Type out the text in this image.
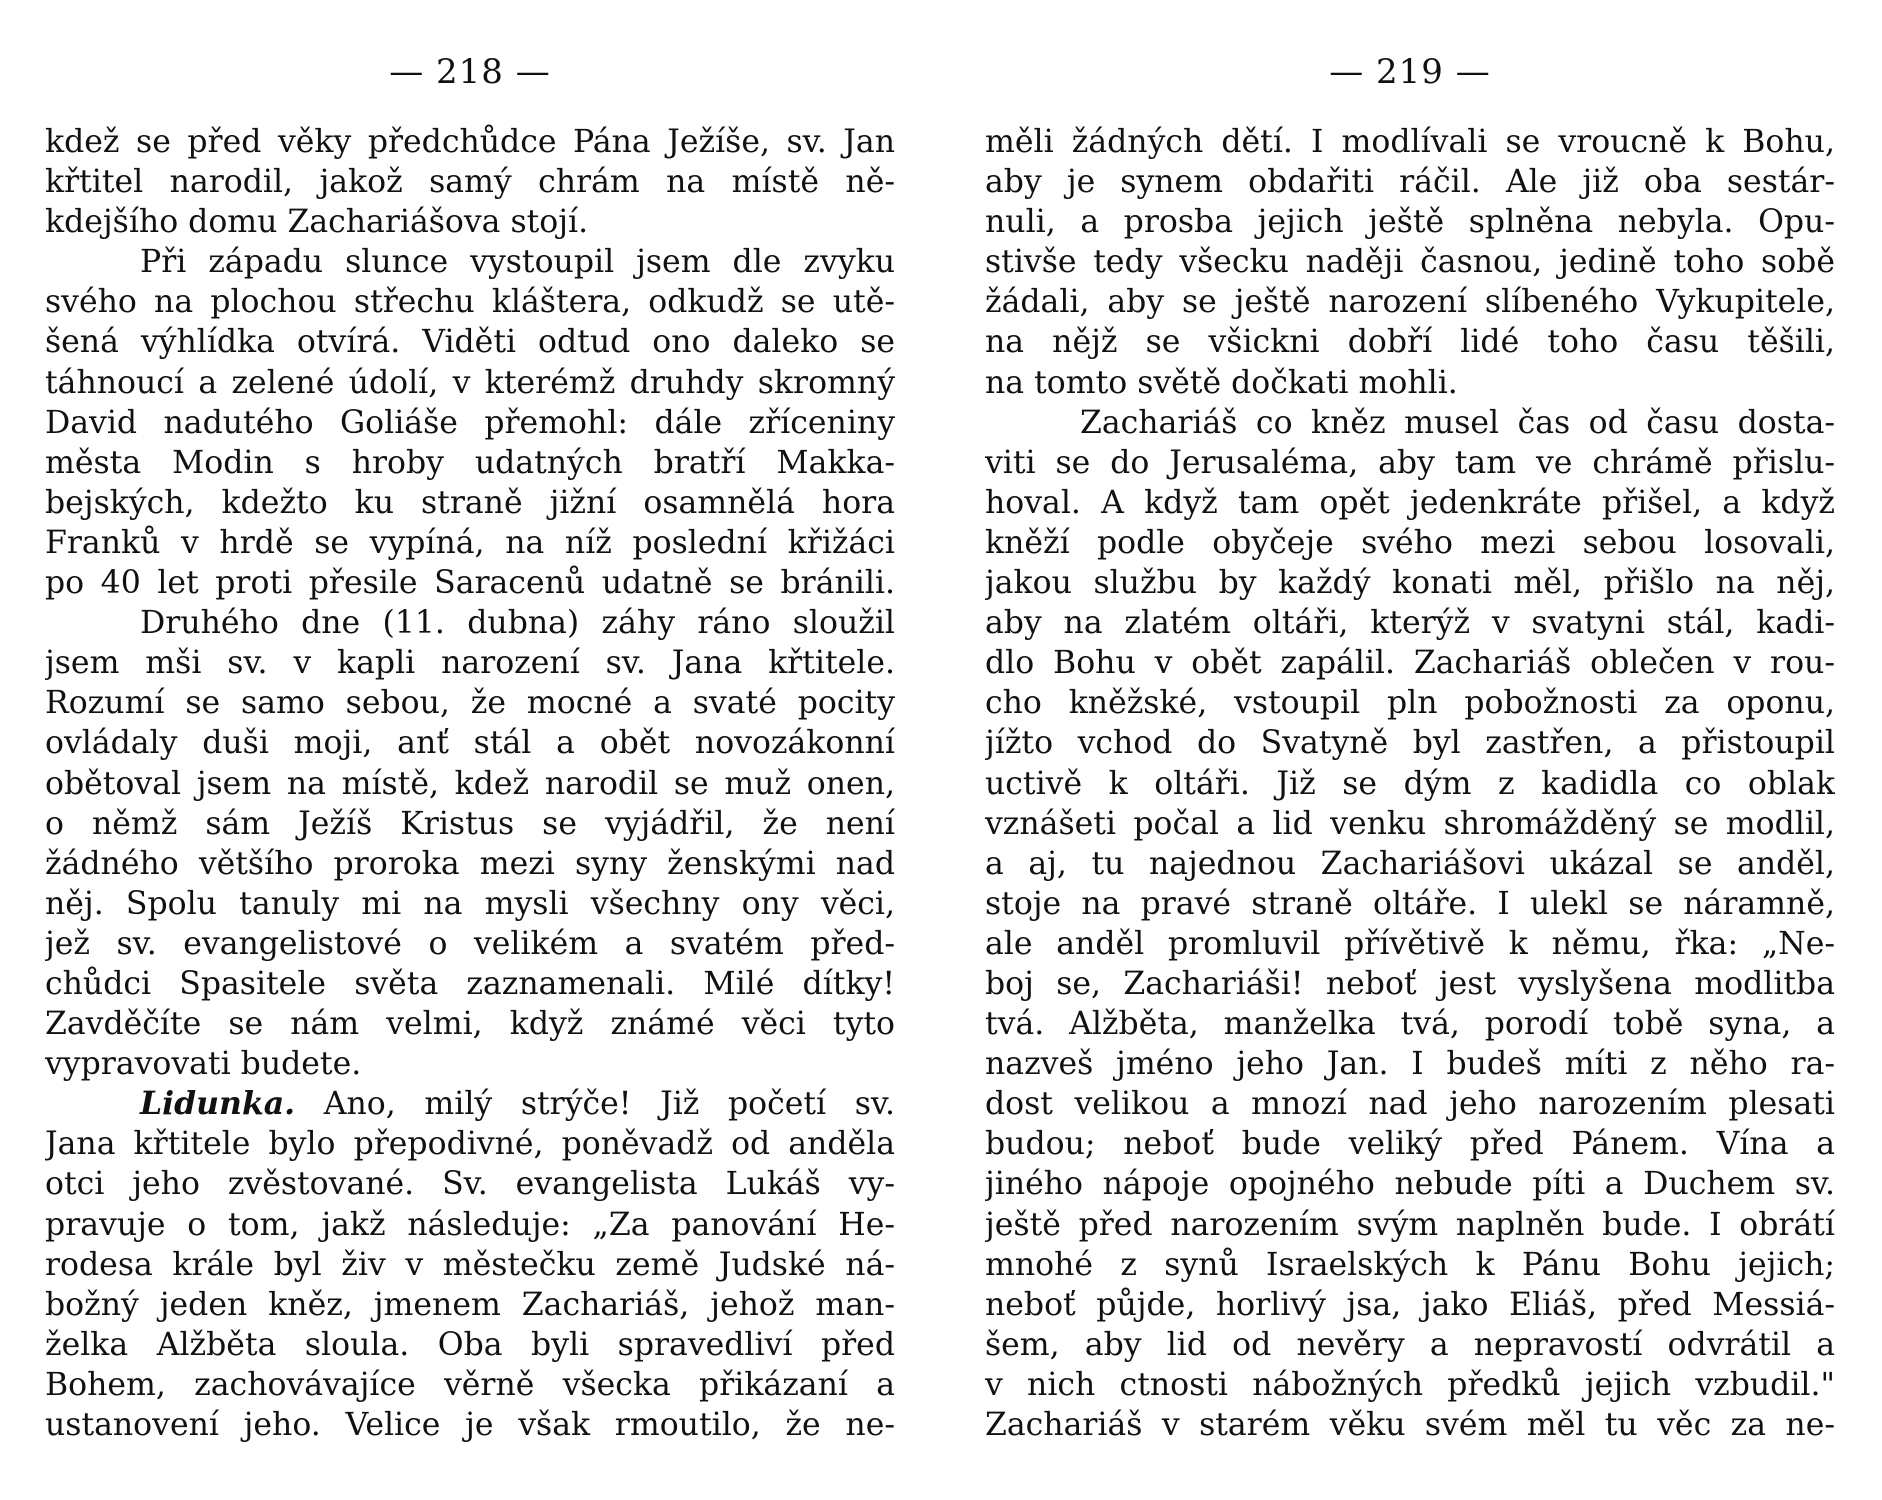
— 218 —
kdež se před věky předchůdce Pána Ježíše, sv. Jan
křtitel narodil, jakož samý chrám na místě ně-
kdejšího domu Zachariášova stojí.
Při západu slunce vystoupil jsem dle zvyku
svého na plochou střechu kláštera, odkudž se utě-
šená výhlídka otvírá. Viděti odtud ono daleko se
táhnoucí a zelené údolí, v kterémž druhdy skromný
David nadutého Goliáše přemohl: dále zříceniny
města Modin s hroby udatných bratří Makka-
bejských, kdežto ku straně jižní osamnělá hora
Franků v hrdě se vypíná, na níž poslední křižáci
po 40 let proti přesile Saracenů udatně se bránili.
Druhého dne (11. dubna) záhy ráno sloužil
jsem mši sv. v kapli narození sv. Jana křtitele.
Rozumí se samo sebou, že mocné a svaté pocity
ovládaly duši moji, anť stál a obět novozákonní
obětoval jsem na místě, kdež narodil se muž onen,
o němž sám Ježíš Kristus se vyjádřil, že není
žádného většího proroka mezi syny ženskými nad
něj. Spolu tanuly mi na mysli všechny ony věci,
jež sv. evangelistové o velikém a svatém před-
chůdci Spasitele světa zaznamenali. Milé dítky!
Zavděčíte se nám velmi, když známé věci tyto
vypravovati budete.
Lidunka. Ano, milý strýče! Již početí sv.
Jana křtitele bylo přepodivné, poněvadž od anděla
otci jeho zvěstované. Sv. evangelista Lukáš vy-
pravuje o tom, jakž následuje: „Za panování He-
rodesa krále byl živ v městečku země Judské ná-
božný jeden kněz, jmenem Zachariáš, jehož man-
želka Alžběta sloula. Oba byli spravedliví před
Bohem, zachovávajíce věrně všecka přikázaní a
ustanovení jeho. Velice je však rmoutilo, že ne-
— 219 —
měli žádných dětí. I modlívali se vroucně k Bohu,
aby je synem obdařiti ráčil. Ale již oba sestár-
nuli, a prosba jejich ještě splněna nebyla. Opu-
stivše tedy všecku naději časnou, jedině toho sobě
žádali, aby se ještě narození slíbeného Vykupitele,
na nějž se všickni dobří lidé toho času těšili,
na tomto světě dočkati mohli.
Zachariáš co kněz musel čas od času dosta-
viti se do Jerusaléma, aby tam ve chrámě přislu-
hoval. A když tam opět jedenkráte přišel, a když
kněží podle obyčeje svého mezi sebou losovali,
jakou službu by každý konati měl, přišlo na něj,
aby na zlatém oltáři, kterýž v svatyni stál, kadi-
dlo Bohu v obět zapálil. Zachariáš oblečen v rou-
cho kněžské, vstoupil pln pobožnosti za oponu,
jížto vchod do Svatyně byl zastřen, a přistoupil
uctivě k oltáři. Již se dým z kadidla co oblak
vznášeti počal a lid venku shromážděný se modlil,
a aj, tu najednou Zachariášovi ukázal se anděl,
stoje na pravé straně oltáře. I ulekl se náramně,
ale anděl promluvil přívětivě k němu, řka: „Ne-
boj se, Zachariáši! neboť jest vyslyšena modlitba
tvá. Alžběta, manželka tvá, porodí tobě syna, a
nazveš jméno jeho Jan. I budeš míti z něho ra-
dost velikou a mnozí nad jeho narozením plesati
budou; neboť bude veliký před Pánem. Vína a
jiného nápoje opojného nebude píti a Duchem sv.
ještě před narozením svým naplněn bude. I obrátí
mnohé z synů Israelských k Pánu Bohu jejich;
neboť půjde, horlivý jsa, jako Eliáš, před Messiá-
šem, aby lid od nevěry a nepravostí odvrátil a
v nich ctnosti nábožných předků jejich vzbudil."
Zachariáš v starém věku svém měl tu věc za ne-
